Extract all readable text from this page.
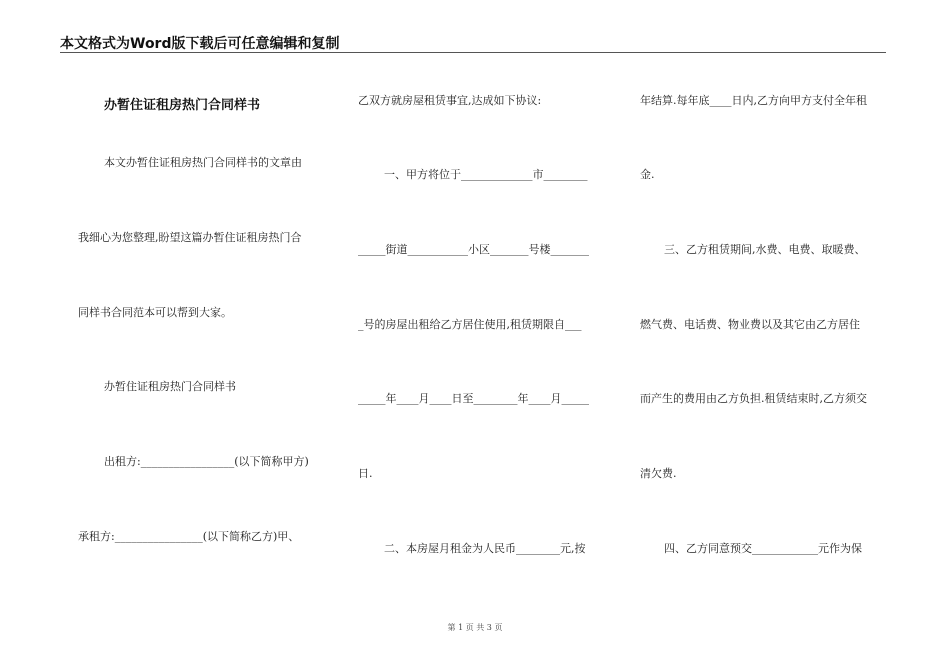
本文格式为Word版下载后可任意编辑和复制
办暂住证租房热门合同样书
本文办暂住证租房热门合同样书的文章由
我细心为您整理,盼望这篇办暂住证租房热门合
同样书合同范本可以帮到大家。
办暂住证租房热门合同样书
出租方:_________________(以下简称甲方)
承租方:________________(以下简称乙方)甲、
乙双方就房屋租赁事宜,达成如下协议:
一、甲方将位于_____________市________
_____街道___________小区_______号楼_______
_号的房屋出租给乙方居住使用,租赁期限自___
_____年____月____日至________年____月_____
日.
二、本房屋月租金为人民币________元,按
年结算.每年底____日内,乙方向甲方支付全年租
金.
三、乙方租赁期间,水费、电费、取暖费、
燃气费、电话费、物业费以及其它由乙方居住
而产生的费用由乙方负担.租赁结束时,乙方须交
清欠费.
四、乙方同意预交____________元作为保
第 1 页 共 3 页
